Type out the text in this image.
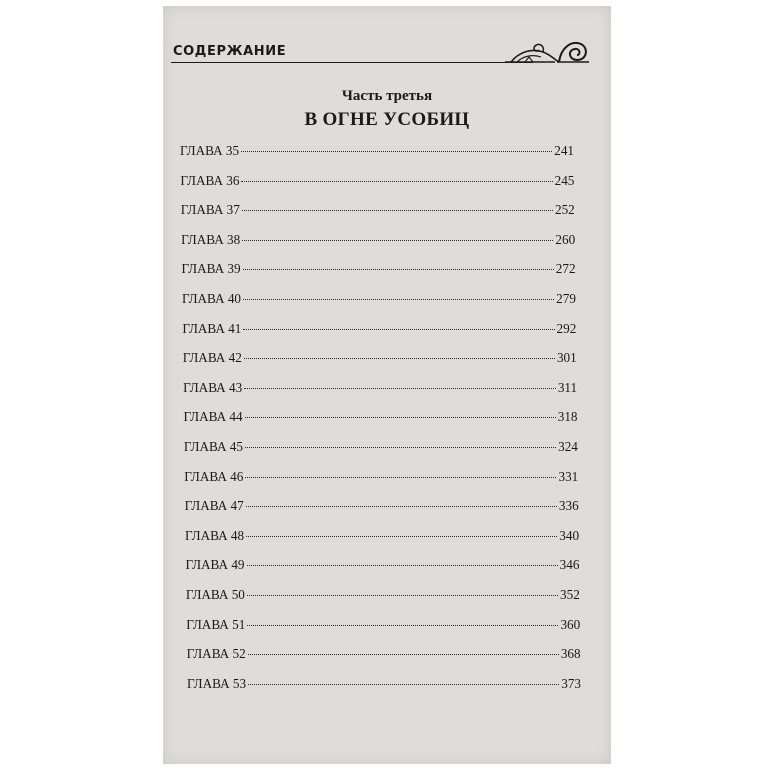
СОДЕРЖАНИЕ
Часть третья
В ОГНЕ УСОБИЦ
ГЛАВА 35	241
ГЛАВА 36	245
ГЛАВА 37	252
ГЛАВА 38	260
ГЛАВА 39	272
ГЛАВА 40	279
ГЛАВА 41	292
ГЛАВА 42	301
ГЛАВА 43	311
ГЛАВА 44	318
ГЛАВА 45	324
ГЛАВА 46	331
ГЛАВА 47	336
ГЛАВА 48	340
ГЛАВА 49	346
ГЛАВА 50	352
ГЛАВА 51	360
ГЛАВА 52	368
ГЛАВА 53	373
